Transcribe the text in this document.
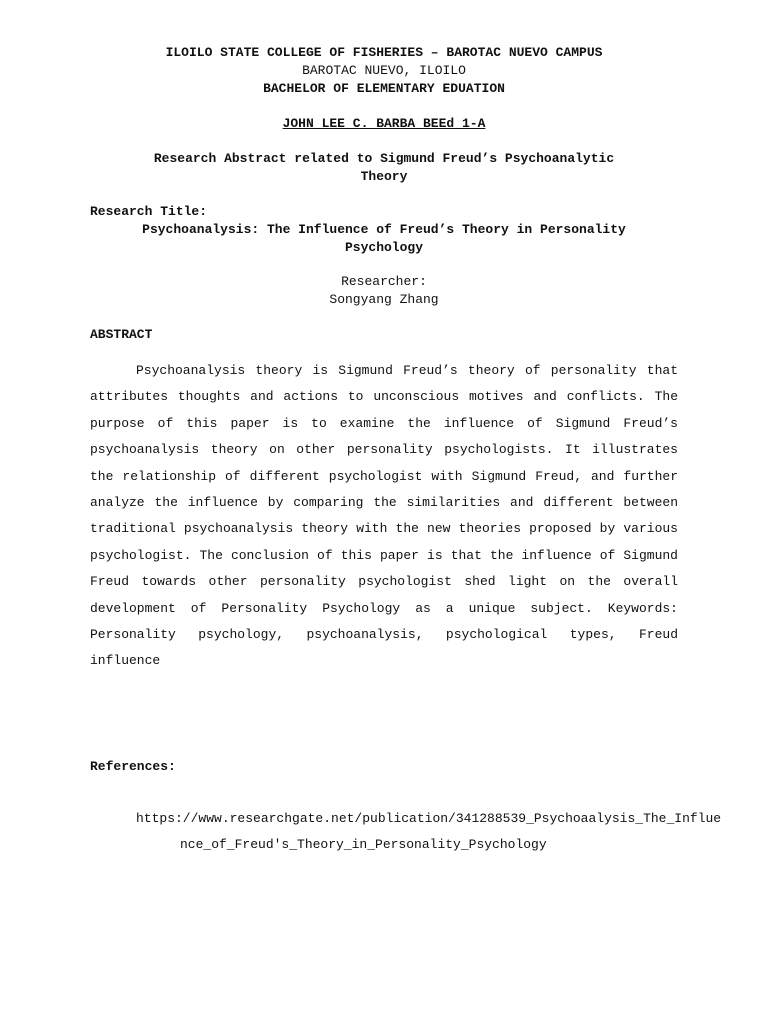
ILOILO STATE COLLEGE OF FISHERIES – BAROTAC NUEVO CAMPUS
BAROTAC NUEVO, ILOILO
BACHELOR OF ELEMENTARY EDUATION
JOHN LEE C. BARBA BEEd 1-A
Research Abstract related to Sigmund Freud’s Psychoanalytic
Theory
Research Title:
Psychoanalysis: The Influence of Freud’s Theory in Personality
Psychology
Researcher:
Songyang Zhang
ABSTRACT

Psychoanalysis theory is Sigmund Freud’s theory of personality that attributes thoughts and actions to unconscious motives and conflicts. The purpose of this paper is to examine the influence of Sigmund Freud’s psychoanalysis theory on other personality psychologists. It illustrates the relationship of different psychologist with Sigmund Freud, and further analyze the influence by comparing the similarities and different between traditional psychoanalysis theory with the new theories proposed by various psychologist. The conclusion of this paper is that the influence of Sigmund Freud towards other personality psychologist shed light on the overall development of Personality Psychology as a unique subject. Keywords: Personality psychology, psychoanalysis, psychological types, Freud influence

References:

https://www.researchgate.net/publication/341288539_Psychoaalysis_The_Influence_of_Freud's_Theory_in_Personality_Psychology
